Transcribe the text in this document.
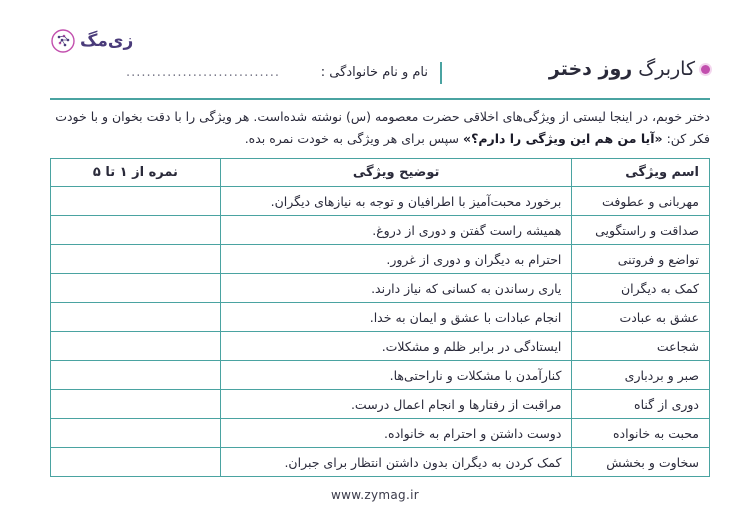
زی‌مگ
کاربرگ
روز دختر
نام و نام خانوادگی :
..............................
دختر خوبم، در اینجا لیستی از ویژگی‌های اخلاقی حضرت معصومه (س) نوشته شده‌است. هر ویژگی را با دقت بخوان و با خودت
فکر کن: «آیا من هم این ویژگی را دارم؟» سپس برای هر ویژگی به خودت نمره بده.
اسم ویژگی	توضیح ویژگی	نمره از ۱ تا ۵
مهربانی و عطوفت	برخورد محبت‌آمیز با اطرافیان و توجه به نیازهای دیگران.	
صداقت و راستگویی	همیشه راست گفتن و دوری از دروغ.	
تواضع و فروتنی	احترام به دیگران و دوری از غرور.	
کمک به دیگران	یاری رساندن به کسانی که نیاز دارند.	
عشق به عبادت	انجام عبادات با عشق و ایمان به خدا.	
شجاعت	ایستادگی در برابر ظلم و مشکلات.	
صبر و بردباری	کنارآمدن با مشکلات و ناراحتی‌ها.	
دوری از گناه	مراقبت از رفتارها و انجام اعمال درست.	
محبت به خانواده	دوست داشتن و احترام به خانواده.	
سخاوت و بخشش	کمک کردن به دیگران بدون داشتن انتظار برای جبران.	
www.zymag.ir
